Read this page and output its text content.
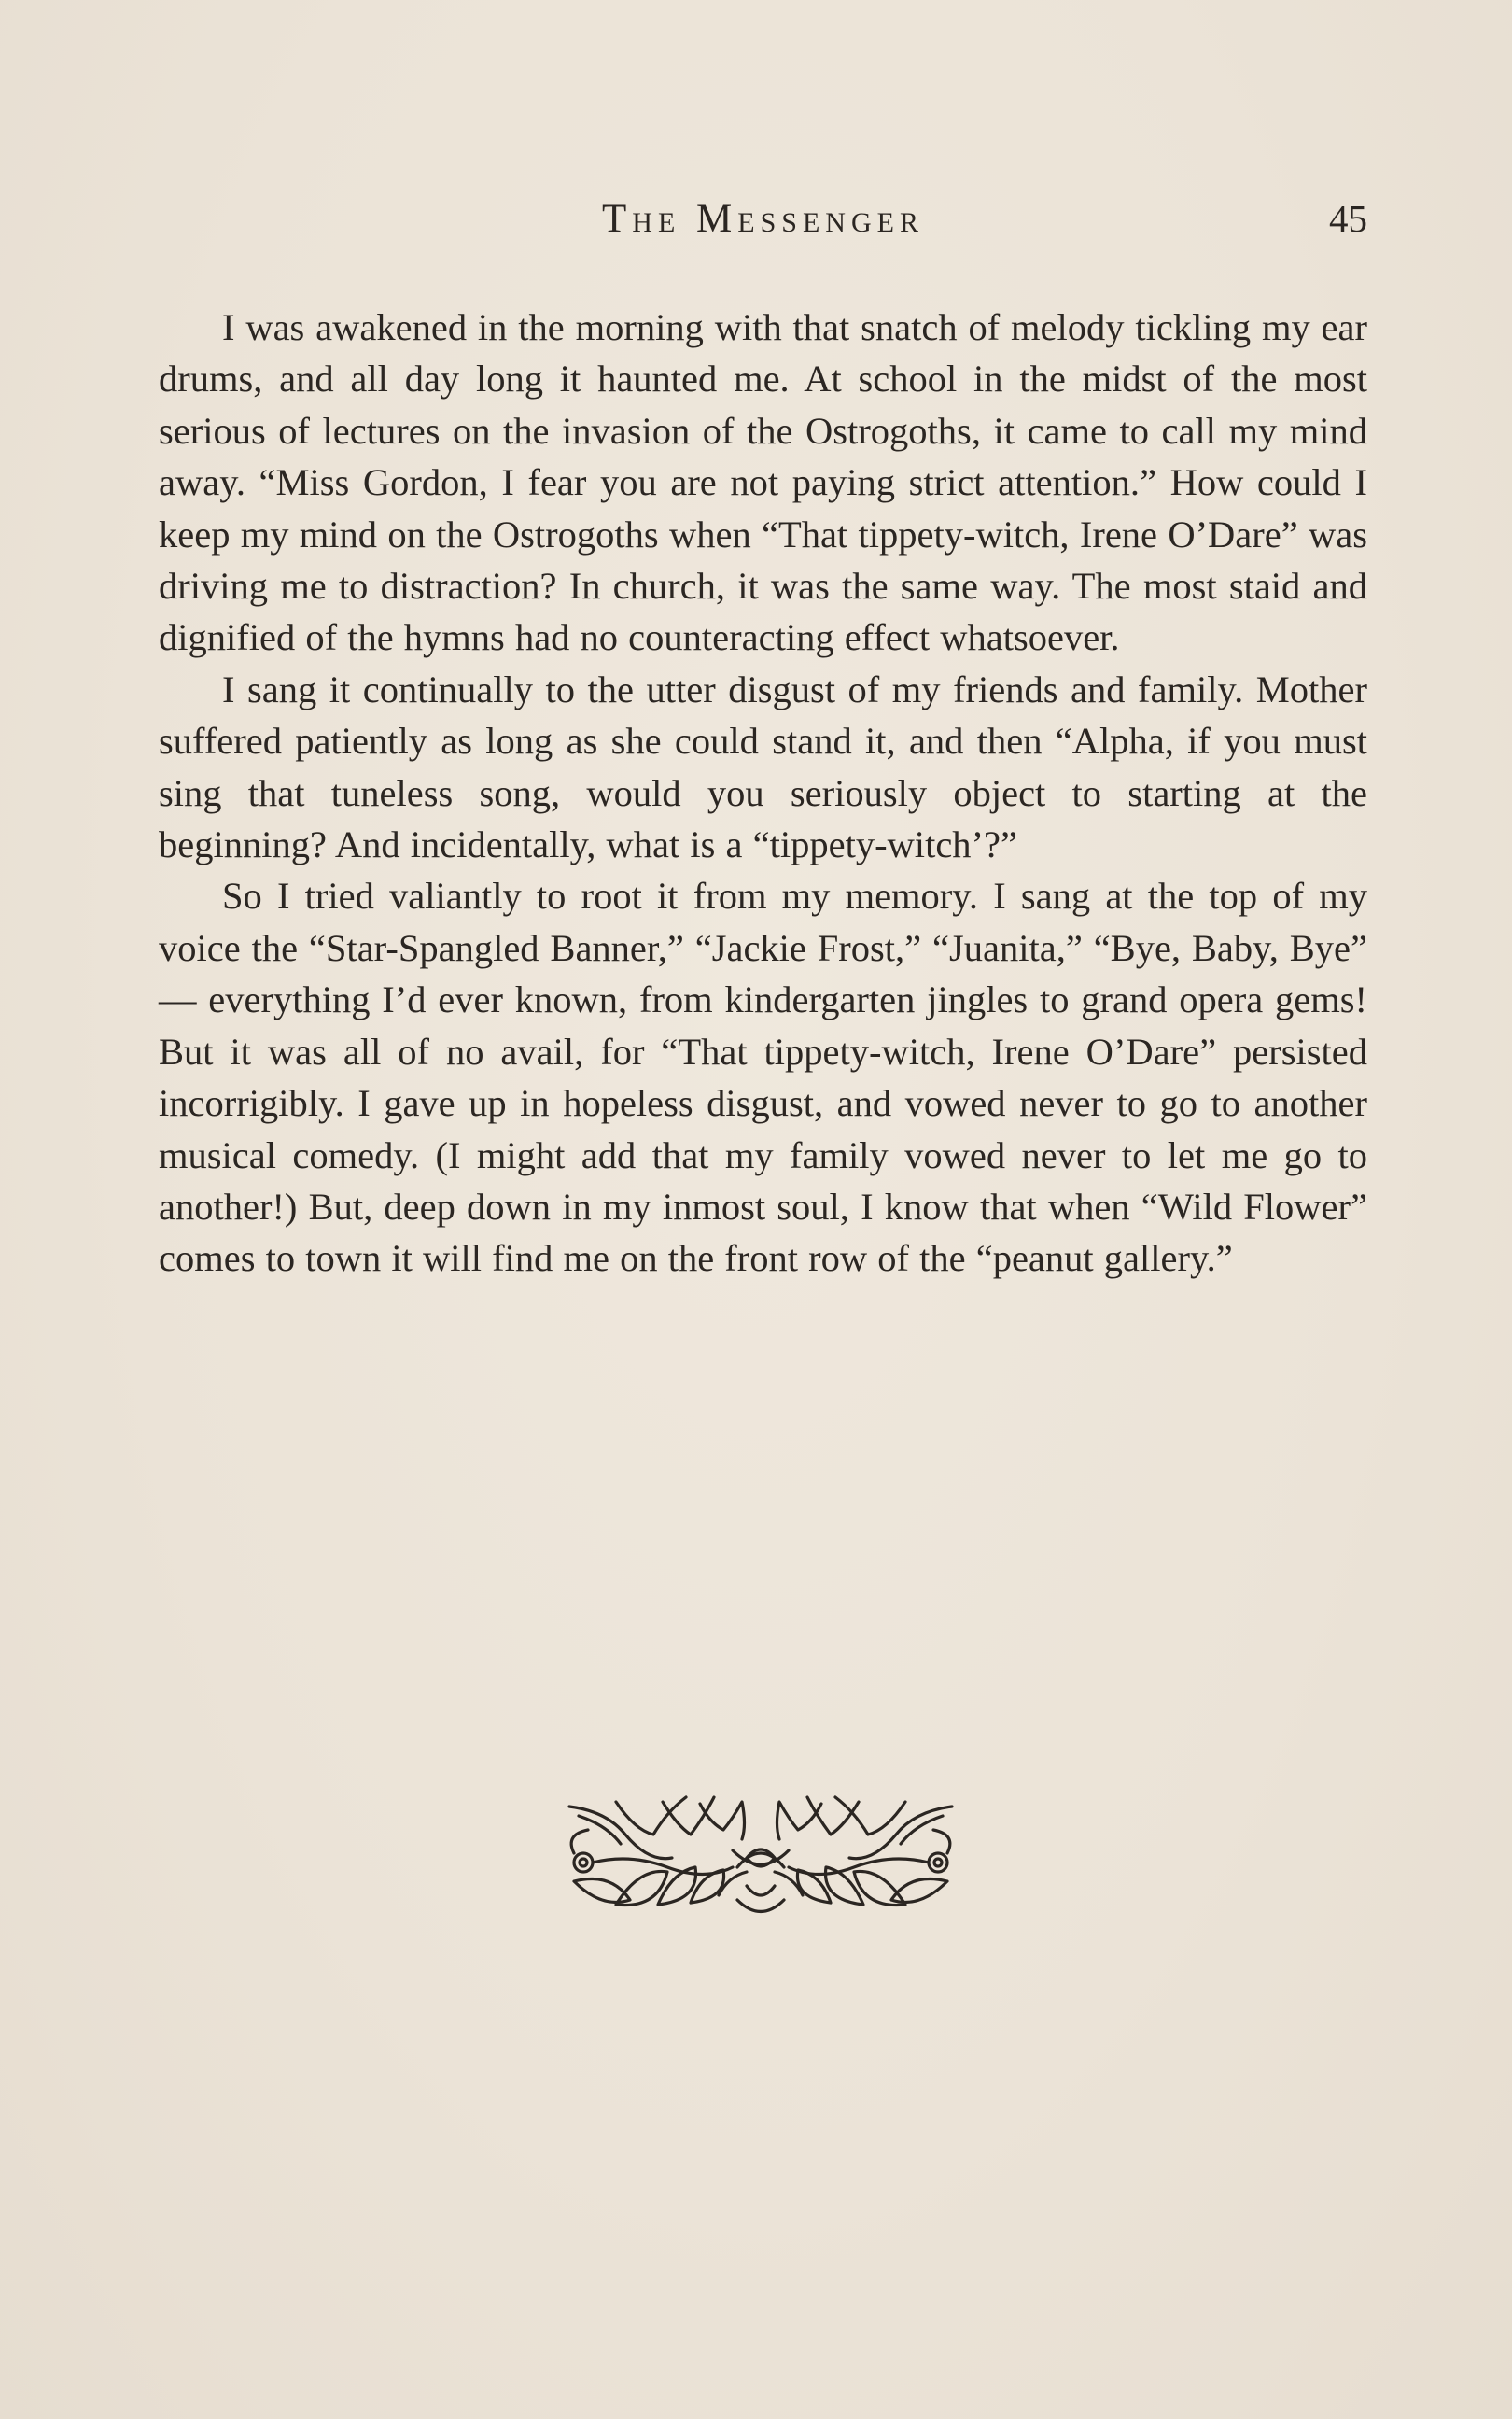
The Messenger	45

I was awakened in the morning with that snatch of melody tickling my ear drums, and all day long it haunted me. At school in the midst of the most serious of lectures on the invasion of the Ostrogoths, it came to call my mind away. “Miss Gordon, I fear you are not paying strict attention.” How could I keep my mind on the Ostrogoths when “That tippety-witch, Irene O’Dare” was driving me to distraction? In church, it was the same way. The most staid and dignified of the hymns had no counteracting effect whatsoever.

I sang it continually to the utter disgust of my friends and family. Mother suffered patiently as long as she could stand it, and then “Alpha, if you must sing that tuneless song, would you seriously object to starting at the beginning? And incidentally, what is a “tippety-witch’?”

So I tried valiantly to root it from my memory. I sang at the top of my voice the “Star-Spangled Banner,” “Jackie Frost,” “Juanita,” “Bye, Baby, Bye” — everything I’d ever known, from kindergarten jingles to grand opera gems! But it was all of no avail, for “That tippety-witch, Irene O’Dare” persisted incorrigibly. I gave up in hopeless disgust, and vowed never to go to another musical comedy. (I might add that my family vowed never to let me go to another!) But, deep down in my inmost soul, I know that when “Wild Flower” comes to town it will find me on the front row of the “peanut gallery.”
